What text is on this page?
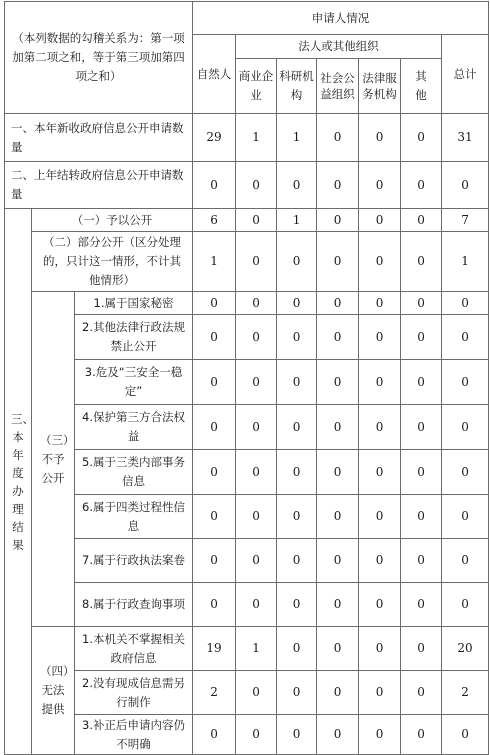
（本列数据的勾稽关系为：第一项加第二项之和，等于第三项加第四项之和）			申请人情况						
			自然人	法人或其他组织					总计
				商业企业	科研机构	社会公益组织	法律服务机构	其他	
一、本年新收政府信息公开申请数量			29	1	1	0	0	0	31
二、上年结转政府信息公开申请数量			0	0	0	0	0	0	0
三、本年度办理结果	（一）予以公开		6	0	1	0	0	0	7
	（二）部分公开（区分处理的，只计这一情形，不计其他情形）		1	0	0	0	0	0	1
	（三）不予公开	1.属于国家秘密	0	0	0	0	0	0	0
		2.其他法律行政法规禁止公开	0	0	0	0	0	0	0
		3.危及“三安全一稳定”	0	0	0	0	0	0	0
		4.保护第三方合法权益	0	0	0	0	0	0	0
		5.属于三类内部事务信息	0	0	0	0	0	0	0
		6.属于四类过程性信息	0	0	0	0	0	0	0
		7.属于行政执法案卷	0	0	0	0	0	0	0
		8.属于行政查询事项	0	0	0	0	0	0	0
	（四）无法提供	1.本机关不掌握相关政府信息	19	1	0	0	0	0	20
		2.没有现成信息需另行制作	2	0	0	0	0	0	2
		3.补正后申请内容仍不明确	0	0	0	0	0	0	0
